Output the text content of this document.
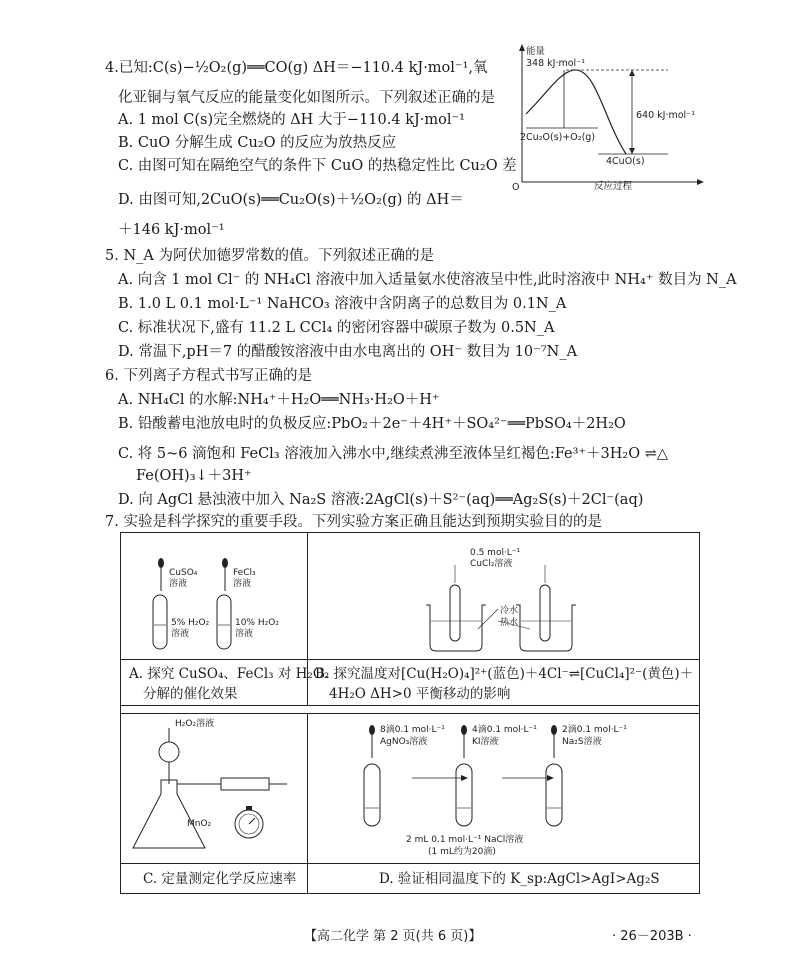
4.已知:C(s)−½O₂(g)══CO(g) ΔH＝−110.4 kJ·mol⁻¹,氧
化亚铜与氧气反应的能量变化如图所示。下列叙述正确的是
A. 1 mol C(s)完全燃烧的 ΔH 大于−110.4 kJ·mol⁻¹
B. CuO 分解生成 Cu₂O 的反应为放热反应
C. 由图可知在隔绝空气的条件下 CuO 的热稳定性比 Cu₂O 差
D. 由图可知,2CuO(s)══Cu₂O(s)＋½O₂(g) 的 ΔH＝
＋146 kJ·mol⁻¹
能量
O	反应过程
348 kJ·mol⁻¹
640 kJ·mol⁻¹
2Cu₂O(s)+O₂(g)
4CuO(s)
5. N_A 为阿伏加德罗常数的值。下列叙述正确的是
A. 向含 1 mol Cl⁻ 的 NH₄Cl 溶液中加入适量氨水使溶液呈中性,此时溶液中 NH₄⁺ 数目为 N_A
B. 1.0 L 0.1 mol·L⁻¹ NaHCO₃ 溶液中含阴离子的总数目为 0.1N_A
C. 标准状况下,盛有 11.2 L CCl₄ 的密闭容器中碳原子数为 0.5N_A
D. 常温下,pH＝7 的醋酸铵溶液中由水电离出的 OH⁻ 数目为 10⁻⁷N_A
6. 下列离子方程式书写正确的是
A. NH₄Cl 的水解:NH₄⁺＋H₂O══NH₃·H₂O＋H⁺
B. 铅酸蓄电池放电时的负极反应:PbO₂＋2e⁻＋4H⁺＋SO₄²⁻══PbSO₄＋2H₂O
C. 将 5~6 滴饱和 FeCl₃ 溶液加入沸水中,继续煮沸至液体呈红褐色:Fe³⁺＋3H₂O ⇌△
Fe(OH)₃↓＋3H⁺
D. 向 AgCl 悬浊液中加入 Na₂S 溶液:2AgCl(s)＋S²⁻(aq)══Ag₂S(s)＋2Cl⁻(aq)
7. 实验是科学探究的重要手段。下列实验方案正确且能达到预期实验目的的是
CuSO₄
溶液
FeCl₃
溶液
5% H₂O₂
溶液
10% H₂O₂
溶液
A. 探究 CuSO₄、FeCl₃ 对 H₂O₂
分解的催化效果
0.5 mol·L⁻¹
CuCl₂溶液
冷水
热水
B. 探究温度对[Cu(H₂O)₄]²⁺(蓝色)＋4Cl⁻⇌[CuCl₄]²⁻(黄色)＋
4H₂O ΔH>0 平衡移动的影响
H₂O₂溶液
MnO₂
C. 定量测定化学反应速率
8滴0.1 mol·L⁻¹
AgNO₃溶液
4滴0.1 mol·L⁻¹
KI溶液
2滴0.1 mol·L⁻¹
Na₂S溶液
2 mL 0.1 mol·L⁻¹ NaCl溶液
(1 mL约为20滴)
D. 验证相同温度下的 K_sp:AgCl>AgI>Ag₂S
【高二化学 第 2 页(共 6 页)】	· 26－203B ·
